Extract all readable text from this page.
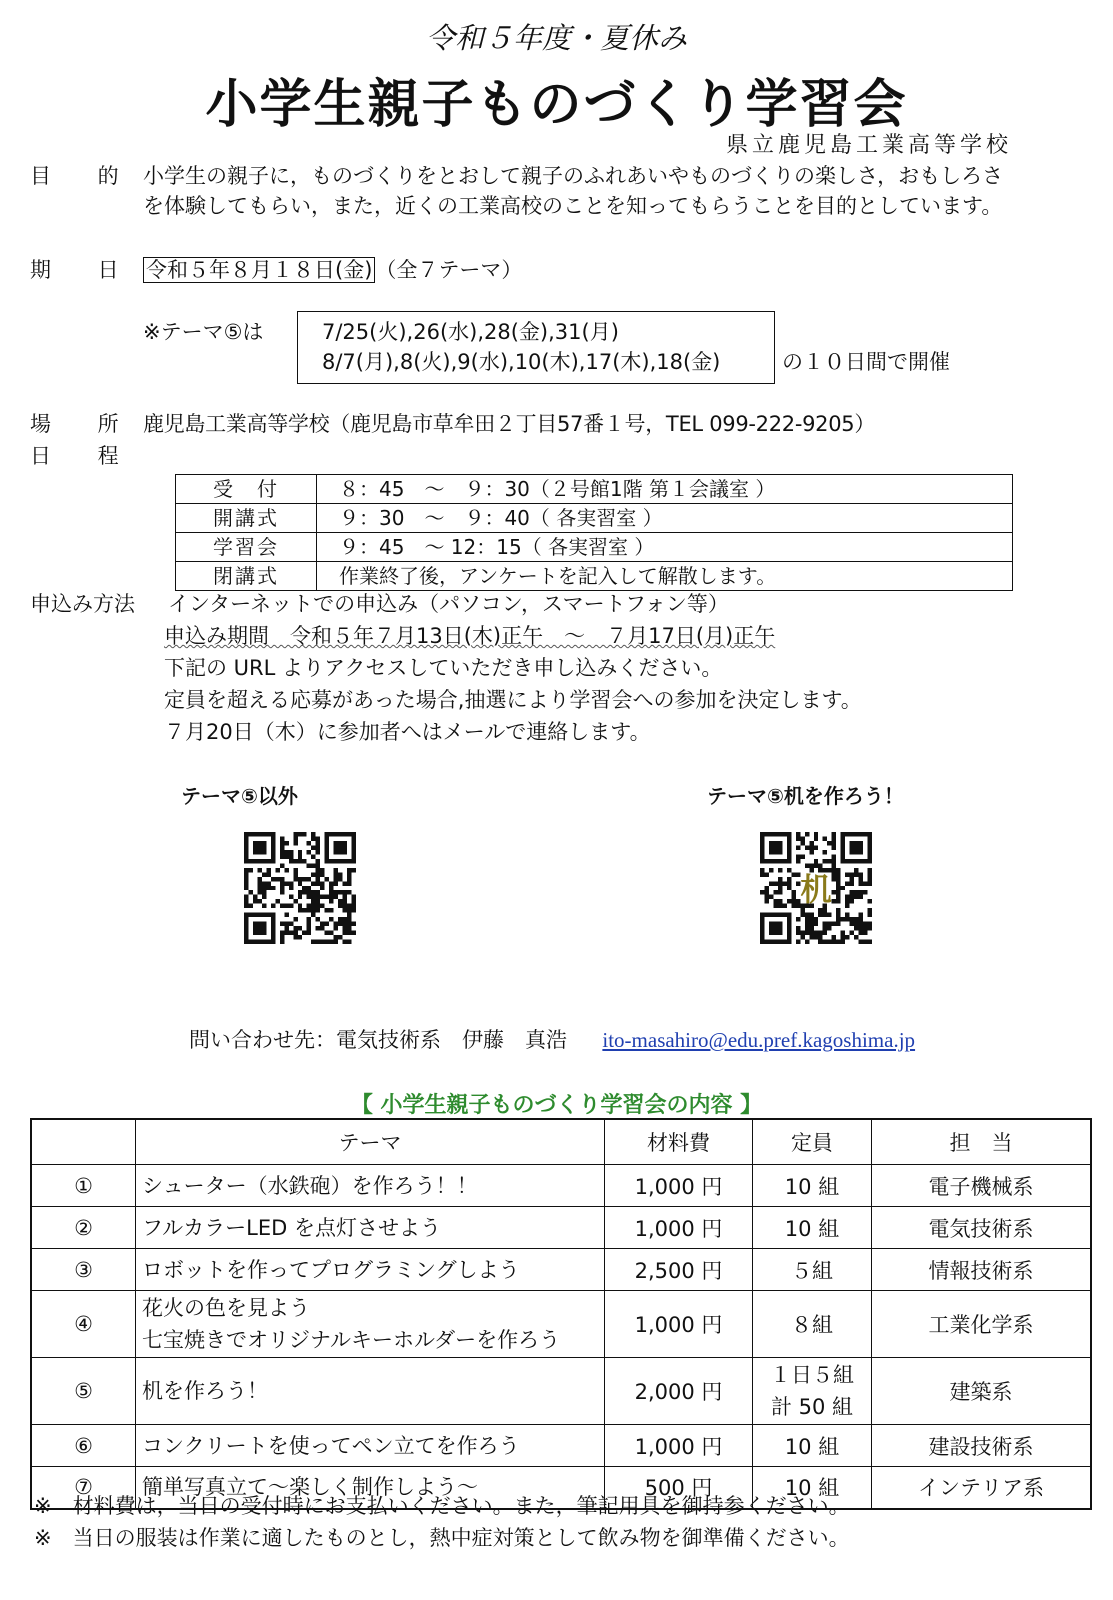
令和５年度・夏休み
小学生親子ものづくり学習会
県立鹿児島工業高等学校
目 的 小学生の親子に，ものづくりをとおして親子のふれあいやものづくりの楽しさ，おもしろさ
を体験してもらい，また，近くの工業高校のことを知ってもらうことを目的としています。
期 日 令和５年８月１８日(金) （全７テーマ）
※テーマ⑤は	7/25(火),26(水),28(金),31(月)
8/7(月),8(火),9(水),10(木),17(木),18(金)	の１０日間で開催
場 所 鹿児島工業高等学校（鹿児島市草牟田２丁目57番１号，TEL 099-222-9205）
日 程
受　付	８：45　～　９：30（２号館1階 第１会議室 ）
開講式	９：30　～　９：40（ 各実習室 ）
学習会	９：45　～ 12：15（ 各実習室 ）
閉講式	作業終了後，アンケートを記入して解散します。
申込み方法 インターネットでの申込み（パソコン，スマートフォン等）
申込み期間　令和５年７月13日(木)正午　～　７月17日(月)正午
下記の URL よりアクセスしていただき申し込みください。
定員を超える応募があった場合,抽選により学習会への参加を決定します。
７月20日（木）に参加者へはメールで連絡します。
テーマ⑤以外	テーマ⑤机を作ろう！
机
問い合わせ先：電気技術系　伊藤　真浩 ito-masahiro@edu.pref.kagoshima.jp
【 小学生親子ものづくり学習会の内容 】
	テーマ	材料費	定員	担　当
①	シューター（水鉄砲）を作ろう！！	1,000 円	10 組	電子機械系
②	フルカラーLED を点灯させよう	1,000 円	10 組	電気技術系
③	ロボットを作ってプログラミングしよう	2,500 円	５組	情報技術系
④	花火の色を見よう
七宝焼きでオリジナルキーホルダーを作ろう	1,000 円	８組	工業化学系
⑤	机を作ろう！	2,000 円	１日５組
計 50 組	建築系
⑥	コンクリートを使ってペン立てを作ろう	1,000 円	10 組	建設技術系
⑦	簡単写真立て～楽しく制作しよう～	500 円	10 組	インテリア系
※　材料費は，当日の受付時にお支払いください。また，筆記用具を御持参ください。
※　当日の服装は作業に適したものとし，熱中症対策として飲み物を御準備ください。
